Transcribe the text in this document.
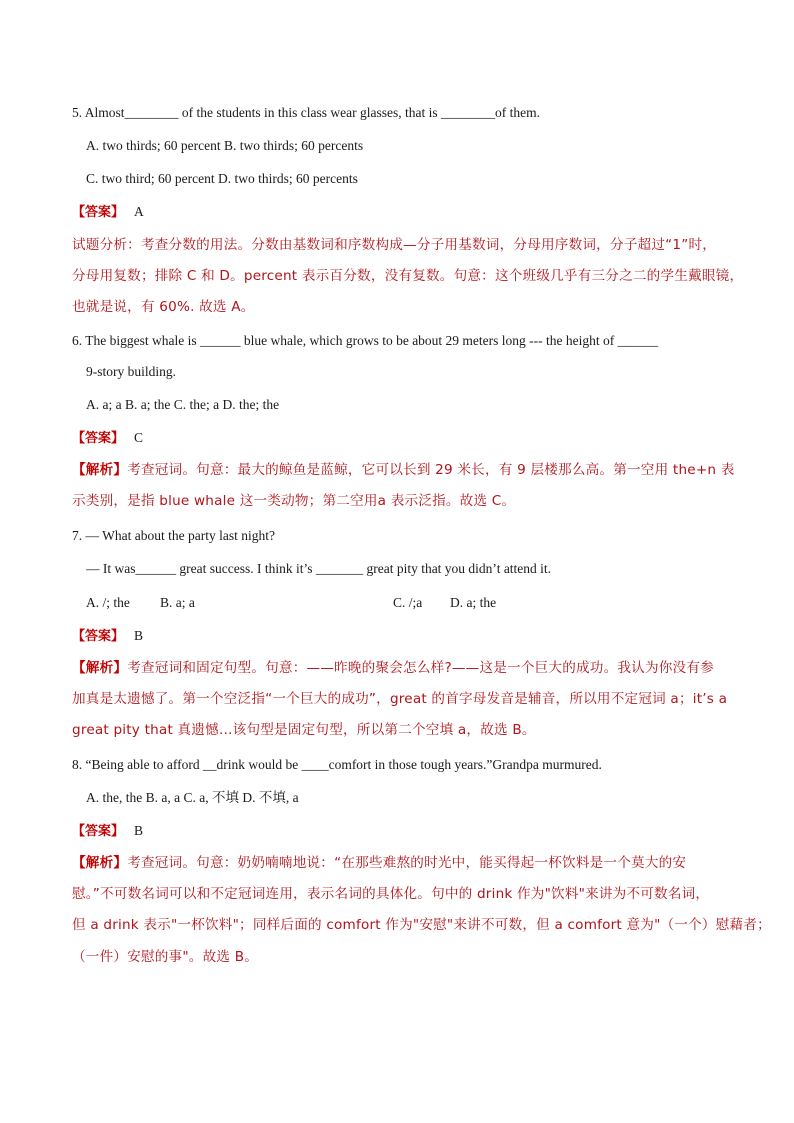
5. Almost________ of the students in this class wear glasses, that is ________of them.
A. two thirds; 60 percent B. two thirds; 60 percents
C. two third; 60 percent D. two thirds; 60 percents
【答案】 A
试题分析：考查分数的用法。分数由基数词和序数构成—分子用基数词，分母用序数词，分子超过“1”时，
分母用复数；排除 C 和 D。percent 表示百分数，没有复数。句意：这个班级几乎有三分之二的学生戴眼镜，
也就是说，有 60%. 故选 A。
6. The biggest whale is ______ blue whale, which grows to be about 29 meters long --- the height of ______
9-story building.
A. a; a B. a; the C. the; a D. the; the
【答案】 C
【解析】考查冠词。句意：最大的鲸鱼是蓝鲸，它可以长到 29 米长，有 9 层楼那么高。第一空用 the+n 表
示类别，是指 blue whale 这一类动物；第二空用a 表示泛指。故选 C。
7. — What about the party last night?
— It was______ great success. I think it’s _______ great pity that you didn’t attend it.
A. /; the B. a; a	C. /;a D. a; the
【答案】 B
【解析】考查冠词和固定句型。句意：——昨晚的聚会怎么样?——这是一个巨大的成功。我认为你没有参
加真是太遗憾了。第一个空泛指“一个巨大的成功”，great 的首字母发音是辅音，所以用不定冠词 a；it’s a
great pity that 真遗憾…该句型是固定句型，所以第二个空填 a，故选 B。
8. “Being able to afford __drink would be ____comfort in those tough years.”Grandpa murmured.
A. the, the B. a, a C. a, 不填 D. 不填, a
【答案】 B
【解析】考查冠词。句意：奶奶喃喃地说：“在那些难熬的时光中，能买得起一杯饮料是一个莫大的安
慰。”不可数名词可以和不定冠词连用，表示名词的具体化。句中的 drink 作为"饮料"来讲为不可数名词，
但 a drink 表示"一杯饮料"；同样后面的 comfort 作为"安慰"来讲不可数，但 a comfort 意为"（一个）慰藉者；
（一件）安慰的事"。故选 B。
